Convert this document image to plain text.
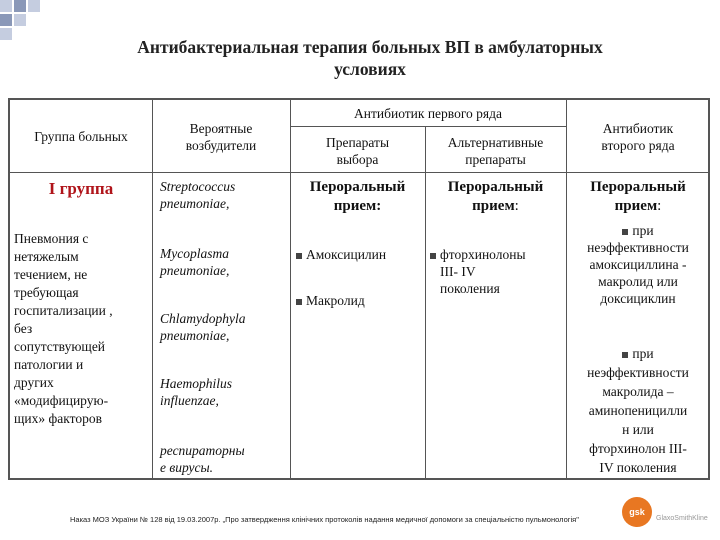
Антибактериальная терапия больных ВП в амбулаторных
условиях
Группа больных
Вероятные
возбудители
Антибиотик первого ряда
Препараты
выбора
Альтернативные
препараты
Антибиотик
второго ряда
I группа
Пневмония с
нетяжелым
течением, не
требующая
госпитализации ,
без
сопутствующей
патологии и
других
«модифицирую-
щих» факторов
Streptococcus
pneumoniae,
Mycoplasma
pneumoniae,
Chlamydophyla
pneumoniae,
Haemophilus
influenzae,
респираторны
е вирусы.
Пероральный
прием:
Амоксицилин
Макролид
Пероральный
прием:
фторхинолоны
III- IV
поколения
Пероральный
прием:
при
неэффективности
амоксициллина -
макролид или
доксициклин
при
неэффективности
макролида –
аминопеницилли
н или
фторхинолон III-
IV поколения
Наказ МОЗ України № 128 від 19.03.2007р. „Про затвердження клінічних протоколів надання медичної допомоги за спеціальністю пульмонологія"
gsk
GlaxoSmithKline
